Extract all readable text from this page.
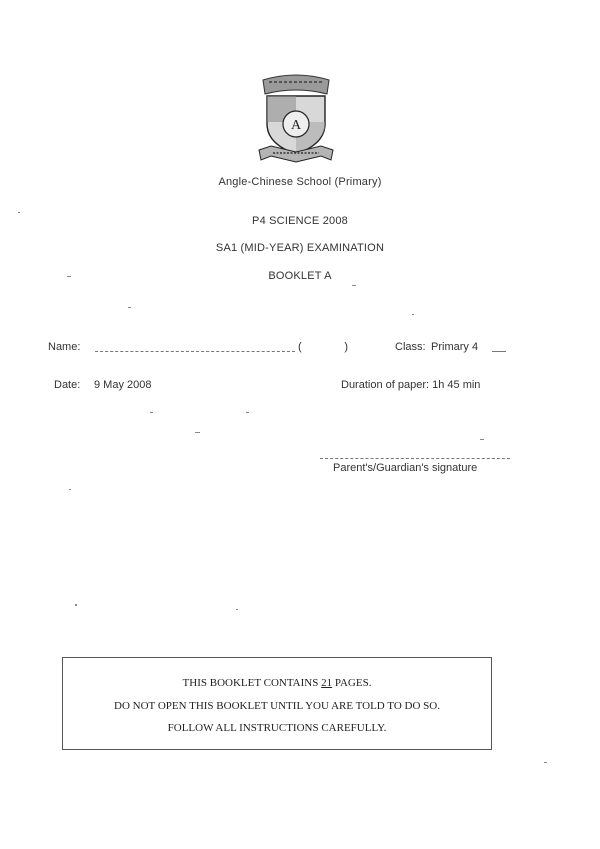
A
Angle-Chinese School (Primary)
P4 SCIENCE 2008
SA1 (MID-YEAR) EXAMINATION
BOOKLET A
Name:	(	)	Class: Primary 4
Date: 9 May 2008	Duration of paper: 1h 45 min
Parent's/Guardian's signature
THIS BOOKLET CONTAINS 21 PAGES.
DO NOT OPEN THIS BOOKLET UNTIL YOU ARE TOLD TO DO SO.
FOLLOW ALL INSTRUCTIONS CAREFULLY.
